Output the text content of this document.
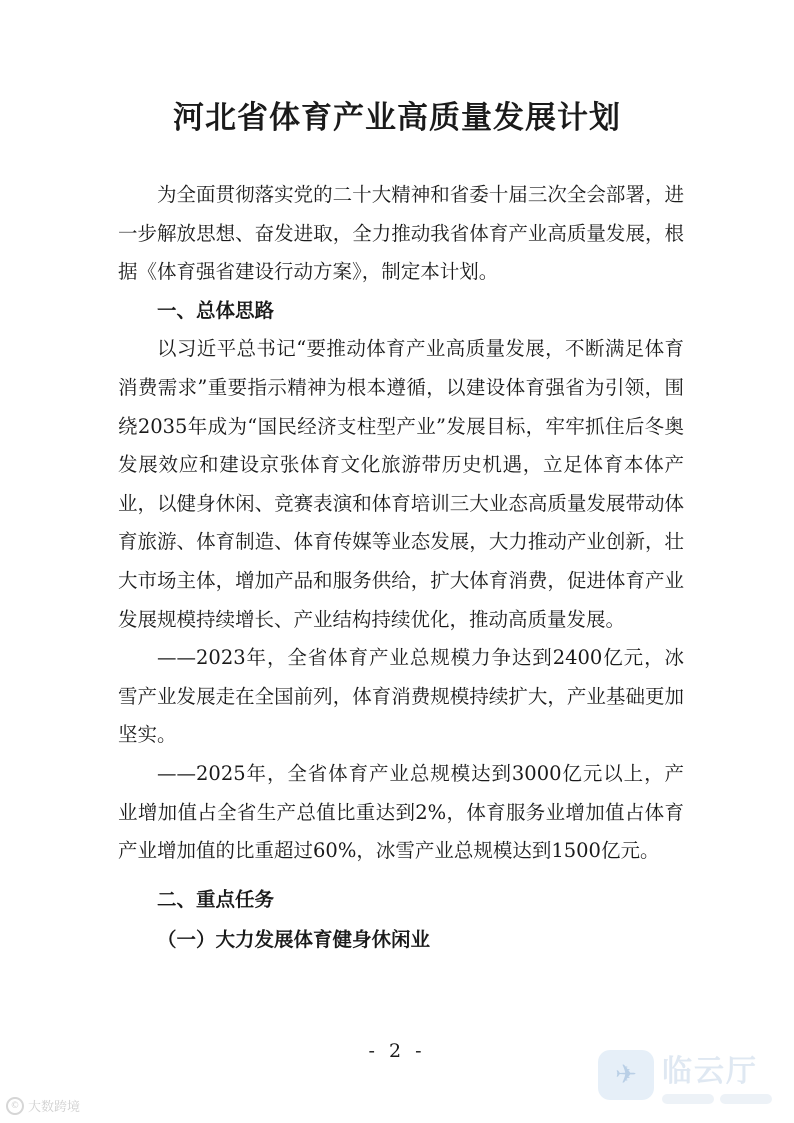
河北省体育产业高质量发展计划

为全面贯彻落实党的二十大精神和省委十届三次全会部署，进一步解放思想、奋发进取，全力推动我省体育产业高质量发展，根据《体育强省建设行动方案》，制定本计划。

一、总体思路

以习近平总书记“要推动体育产业高质量发展，不断满足体育消费需求”重要指示精神为根本遵循，以建设体育强省为引领，围绕2035年成为“国民经济支柱型产业”发展目标，牢牢抓住后冬奥发展效应和建设京张体育文化旅游带历史机遇，立足体育本体产业，以健身休闲、竞赛表演和体育培训三大业态高质量发展带动体育旅游、体育制造、体育传媒等业态发展，大力推动产业创新，壮大市场主体，增加产品和服务供给，扩大体育消费，促进体育产业发展规模持续增长、产业结构持续优化，推动高质量发展。

——2023年，全省体育产业总规模力争达到2400亿元，冰雪产业发展走在全国前列，体育消费规模持续扩大，产业基础更加坚实。

——2025年，全省体育产业总规模达到3000亿元以上，产业增加值占全省生产总值比重达到2%，体育服务业增加值占体育产业增加值的比重超过60%，冰雪产业总规模达到1500亿元。

二、重点任务

（一）大力发展体育健身休闲业

- 2 -
© 大数跨境
✈ 临云厅
